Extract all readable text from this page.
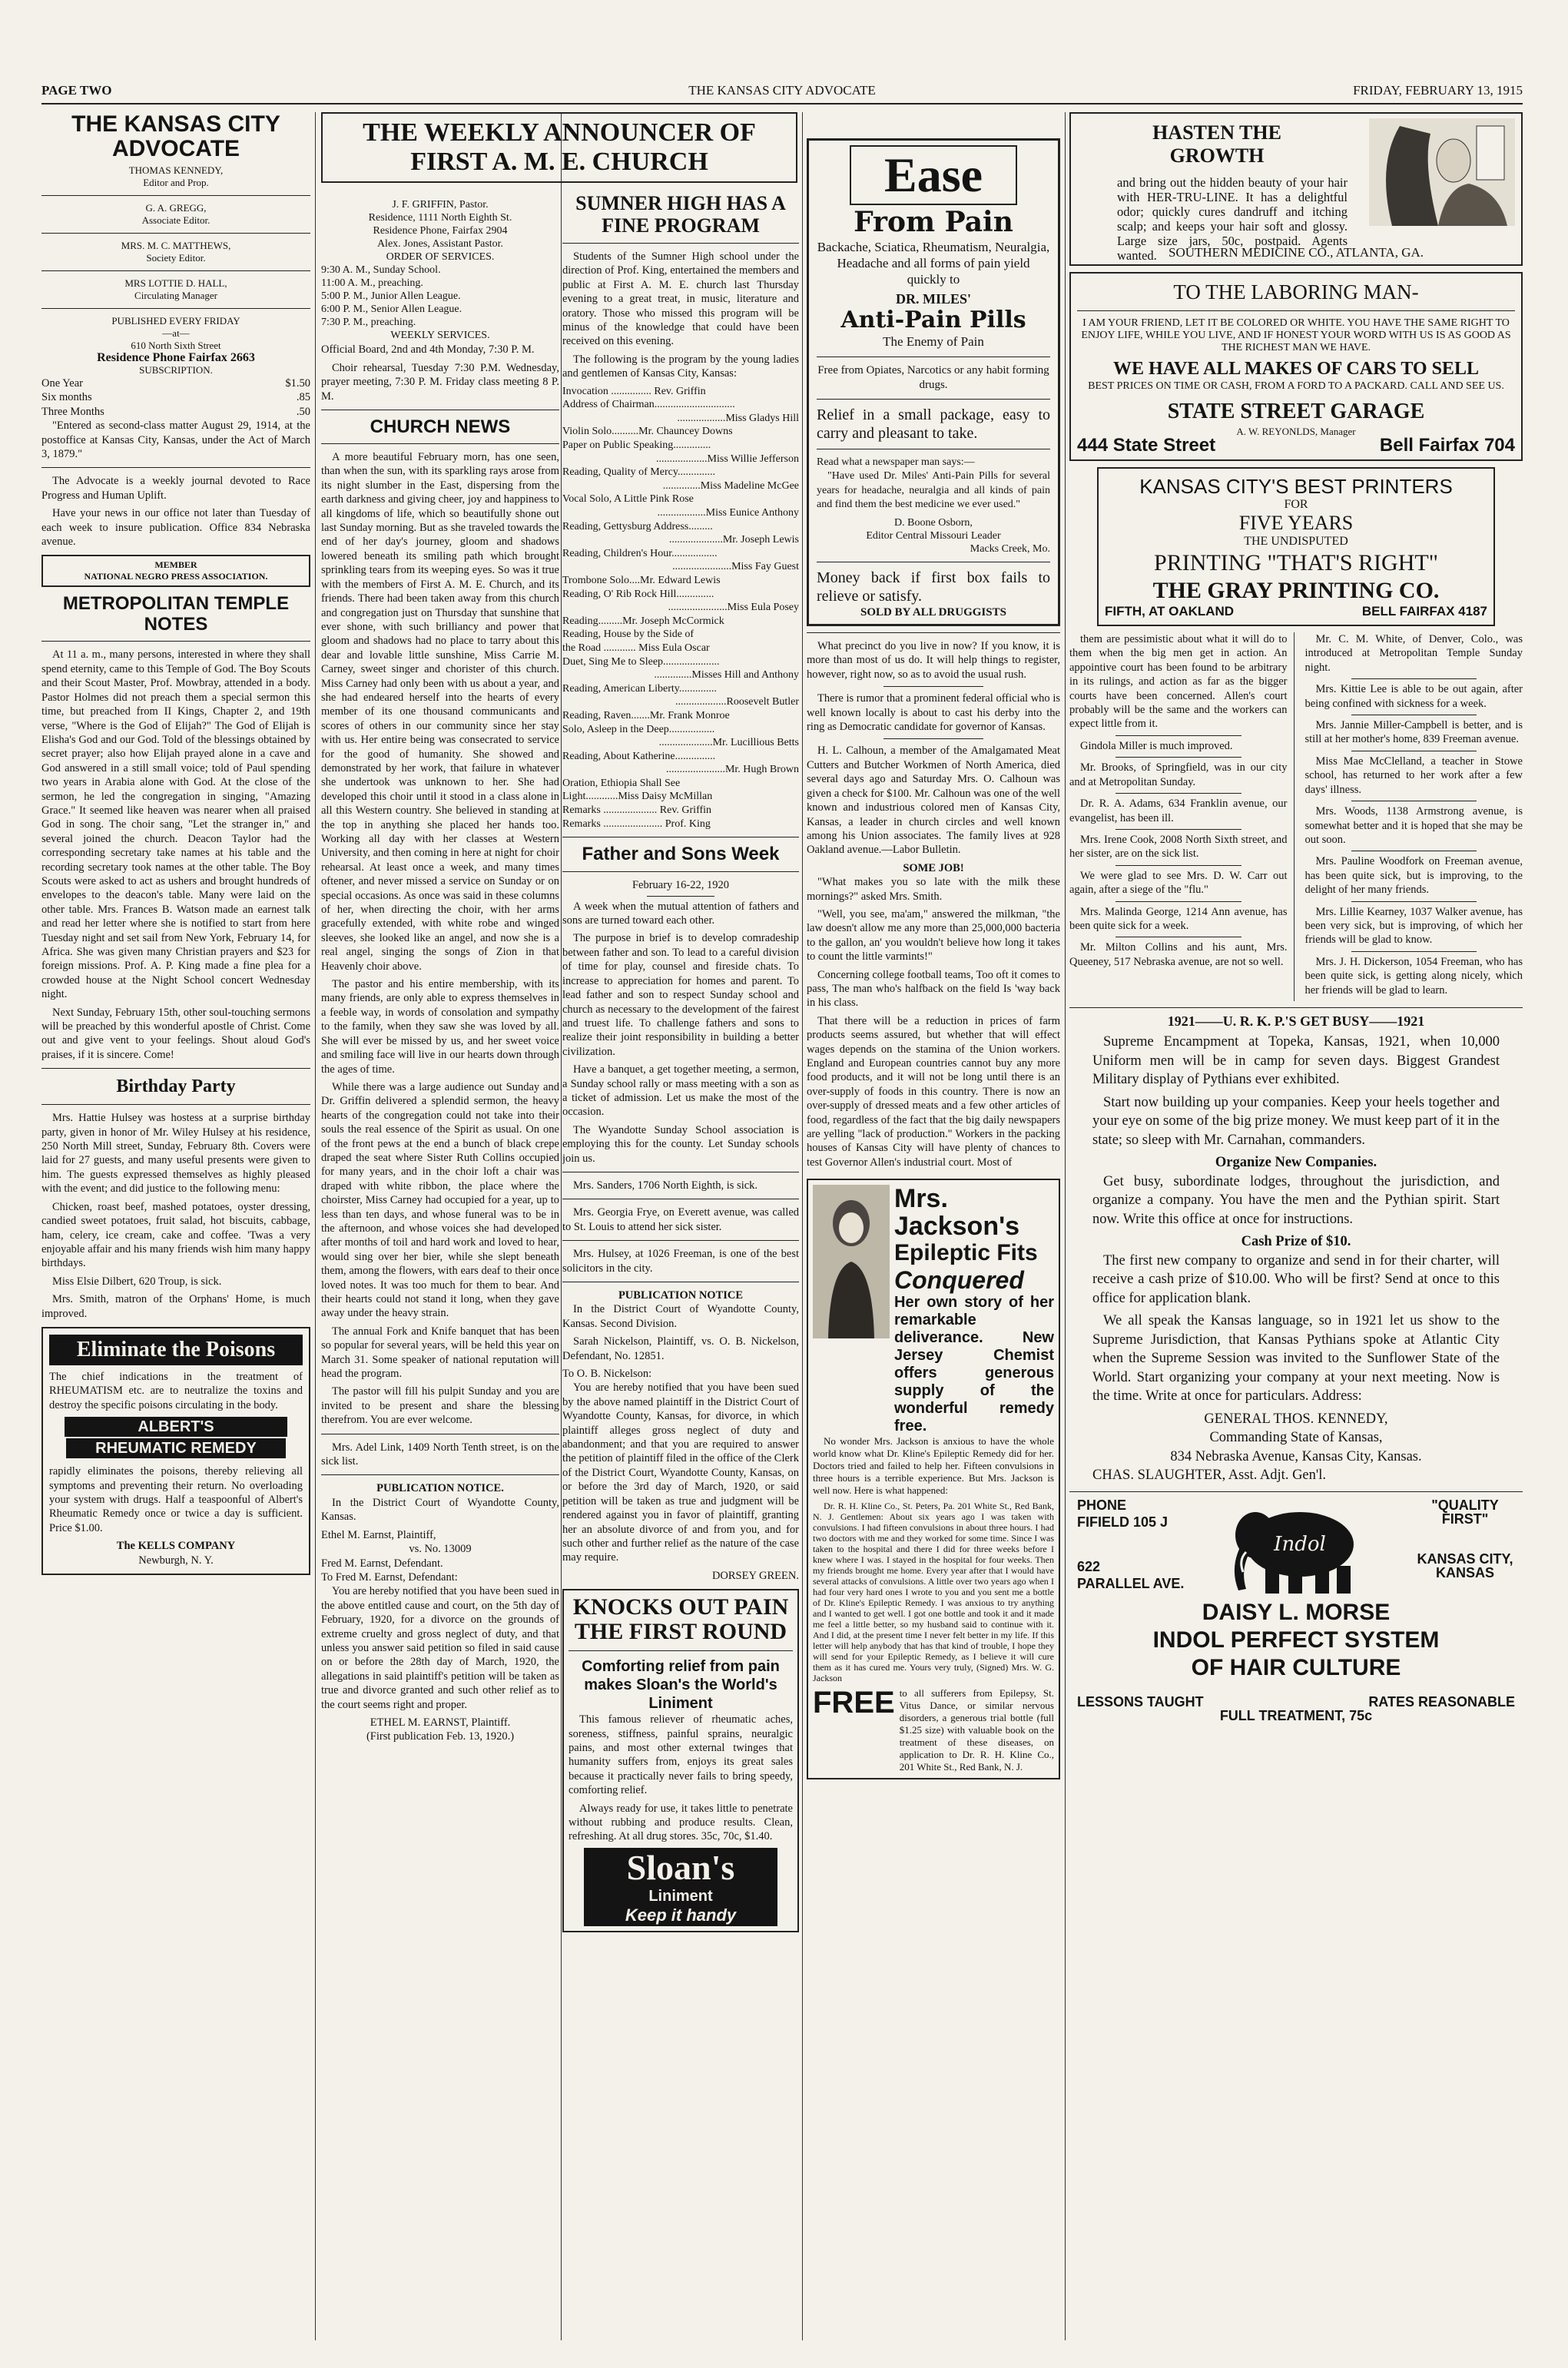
PAGE TWO	THE KANSAS CITY ADVOCATE	FRIDAY, FEBRUARY 13, 1915
THE KANSAS CITY ADVOCATE
THOMAS KENNEDY,
Editor and Prop.
G. A. GREGG,
Associate Editor.
MRS. M. C. MATTHEWS,
Society Editor.
MRS LOTTIE D. HALL,
Circulating Manager
PUBLISHED EVERY FRIDAY
—at—
610 North Sixth Street
Residence Phone Fairfax 2663
SUBSCRIPTION.
One Year	$1.50
Six months	.85
Three Months	.50

"Entered as second-class matter August 29, 1914, at the postoffice at Kansas City, Kansas, under the Act of March 3, 1879."

The Advocate is a weekly journal devoted to Race Progress and Human Uplift.

Have your news in our office not later than Tuesday of each week to insure publication. Office 834 Nebraska avenue.

MEMBER
NATIONAL NEGRO PRESS ASSOCIATION.
METROPOLITAN TEMPLE NOTES

At 11 a. m., many persons, interested in where they shall spend eternity, came to this Temple of God. The Boy Scouts and their Scout Master, Prof. Mowbray, attended in a body. Pastor Holmes did not preach them a special sermon this time, but preached from II Kings, Chapter 2, and 19th verse, "Where is the God of Elijah?" The God of Elijah is Elisha's God and our God. Told of the blessings obtained by secret prayer; also how Elijah prayed alone in a cave and God answered in a still small voice; told of Paul spending two years in Arabia alone with God. At the close of the sermon, he led the congregation in singing, "Amazing Grace." It seemed like heaven was nearer when all praised God in song. The choir sang, "Let the stranger in," and several joined the church. Deacon Taylor had the corresponding secretary take names at his table and the recording secretary took names at the other table. The Boy Scouts were asked to act as ushers and brought hundreds of envelopes to the deacon's table. Many were laid on the other table. Mrs. Frances B. Watson made an earnest talk and read her letter where she is notified to start from here Tuesday night and set sail from New York, February 14, for Africa. She was given many Christian prayers and $23 for foreign missions. Prof. A. P. King made a fine plea for a crowded house at the Night School concert Wednesday night.

Next Sunday, February 15th, other soul-touching sermons will be preached by this wonderful apostle of Christ. Come out and give vent to your feelings. Shout aloud God's praises, if it is sincere. Come!

Birthday Party

Mrs. Hattie Hulsey was hostess at a surprise birthday party, given in honor of Mr. Wiley Hulsey at his residence, 250 North Mill street, Sunday, February 8th. Covers were laid for 27 guests, and many useful presents were given to him. The guests expressed themselves as highly pleased with the event; and did justice to the following menu:

Chicken, roast beef, mashed potatoes, oyster dressing, candied sweet potatoes, fruit salad, hot biscuits, cabbage, ham, celery, ice cream, cake and coffee. 'Twas a very enjoyable affair and his many friends wish him many happy birthdays.

Miss Elsie Dilbert, 620 Troup, is sick.

Mrs. Smith, matron of the Orphans' Home, is much improved.

Eliminate the Poisons

The chief indications in the treatment of RHEUMATISM etc. are to neutralize the toxins and destroy the specific poisons circulating in the body.

ALBERT'S
RHEUMATIC REMEDY

rapidly eliminates the poisons, thereby relieving all symptoms and preventing their return. No overloading your system with drugs. Half a teaspoonful of Albert's Rheumatic Remedy once or twice a day is sufficient. Price $1.00.

The KELLS COMPANY
Newburgh, N. Y.
THE WEEKLY ANNOUNCER OF FIRST A. M. E. CHURCH
J. F. GRIFFIN, Pastor.
Residence, 1111 North Eighth St.
Residence Phone, Fairfax 2904
Alex. Jones, Assistant Pastor.
ORDER OF SERVICES.
9:30 A. M., Sunday School.
11:00 A. M., preaching.
5:00 P. M., Junior Allen League.
6:00 P. M., Senior Allen League.
7:30 P. M., preaching.
WEEKLY SERVICES.

Official Board, 2nd and 4th Monday, 7:30 P. M.

Choir rehearsal, Tuesday 7:30 P.M. Wednesday, prayer meeting, 7:30 P. M. Friday class meeting 8 P. M.

CHURCH NEWS

A more beautiful February morn, has one seen, than when the sun, with its sparkling rays arose from its night slumber in the East, dispersing from the earth darkness and giving cheer, joy and happiness to all kingdoms of life, which so beautifully shone out last Sunday morning. But as she traveled towards the end of her day's journey, gloom and shadows lowered beneath its smiling path which brought sprinkling tears from its weeping eyes. So was it true with the members of First A. M. E. Church, and its friends. There had been taken away from this church and congregation just on Thursday that sunshine that ever shone, with such brilliancy and power that gloom and shadows had no place to tarry about this dear and lovable little sunshine, Miss Carrie M. Carney, sweet singer and chorister of this church. Miss Carney had only been with us about a year, and she had endeared herself into the hearts of every member of its one thousand communicants and scores of others in our community since her stay with us. Her entire being was consecrated to service for the good of humanity. She showed and demonstrated by her work, that failure in whatever she undertook was unknown to her. She had developed this choir until it stood in a class alone in all this Western country. She believed in standing at the top in anything she placed her hands too. Working all day with her classes at Western University, and then coming in here at night for choir rehearsal. At least once a week, and many times oftener, and never missed a service on Sunday or on special occasions. As once was said in these columns of her, when directing the choir, with her arms gracefully extended, with white robe and winged sleeves, she looked like an angel, and now she is a real angel, singing the songs of Zion in that Heavenly choir above.

The pastor and his entire membership, with its many friends, are only able to express themselves in a feeble way, in words of consolation and sympathy to the family, when they saw she was loved by all. She will ever be missed by us, and her sweet voice and smiling face will live in our hearts down through the ages of time.

While there was a large audience out Sunday and Dr. Griffin delivered a splendid sermon, the heavy hearts of the congregation could not take into their souls the real essence of the Spirit as usual. On one of the front pews at the end a bunch of black crepe draped the seat where Sister Ruth Collins occupied for many years, and in the choir loft a chair was draped with white ribbon, the place where the choirster, Miss Carney had occupied for a year, up to less than ten days, and whose funeral was to be in the afternoon, and whose voices she had developed after months of toil and hard work and loved to hear, would sing over her bier, while she slept beneath them, among the flowers, with ears deaf to their once loved notes. It was too much for them to bear. And their hearts could not stand it long, when they gave away under the heavy strain.

The annual Fork and Knife banquet that has been so popular for several years, will be held this year on March 31. Some speaker of national reputation will head the program.

The pastor will fill his pulpit Sunday and you are invited to be present and share the blessing therefrom. You are ever welcome.

Mrs. Adel Link, 1409 North Tenth street, is on the sick list.

PUBLICATION NOTICE.

In the District Court of Wyandotte County, Kansas.

Ethel M. Earnst, Plaintiff,
vs. No. 13009
Fred M. Earnst, Defendant.
To Fred M. Earnst, Defendant:

You are hereby notified that you have been sued in the above entitled cause and court, on the 5th day of February, 1920, for a divorce on the grounds of extreme cruelty and gross neglect of duty, and that unless you answer said petition so filed in said cause on or before the 28th day of March, 1920, the allegations in said plaintiff's petition will be taken as true and divorce granted and such other relief as to the court seems right and proper.

ETHEL M. EARNST, Plaintiff.
(First publication Feb. 13, 1920.)
SUMNER HIGH HAS A FINE PROGRAM

Students of the Sumner High school under the direction of Prof. King, entertained the members and public at First A. M. E. church last Thursday evening to a great treat, in music, literature and oratory. Those who missed this program will be minus of the knowledge that could have been received on this evening.

The following is the program by the young ladies and gentlemen of Kansas City, Kansas:

Invocation ............... Rev. Griffin
Address of Chairman..............................
..................Miss Gladys Hill
Violin Solo..........Mr. Chauncey Downs
Paper on Public Speaking..............
...................Miss Willie Jefferson
Reading, Quality of Mercy..............
..............Miss Madeline McGee
Vocal Solo, A Little Pink Rose
..................Miss Eunice Anthony
Reading, Gettysburg Address.........
....................Mr. Joseph Lewis
Reading, Children's Hour.................
......................Miss Fay Guest
Trombone Solo....Mr. Edward Lewis
Reading, O' Rib Rock Hill..............
......................Miss Eula Posey
Reading.........Mr. Joseph McCormick
Reading, House by the Side of
the Road ............ Miss Eula Oscar
Duet, Sing Me to Sleep.....................
..............Misses Hill and Anthony
Reading, American Liberty..............
...................Roosevelt Butler
Reading, Raven.......Mr. Frank Monroe
Solo, Asleep in the Deep.................
....................Mr. Lucillious Betts
Reading, About Katherine...............
......................Mr. Hugh Brown
Oration, Ethiopia Shall See
Light............Miss Daisy McMillan
Remarks .................... Rev. Griffin
Remarks ...................... Prof. King
Father and Sons Week
February 16-22, 1920

A week when the mutual attention of fathers and sons are turned toward each other.

The purpose in brief is to develop comradeship between father and son. To lead to a careful division of time for play, counsel and fireside chats. To increase to appreciation for homes and parent. To lead father and son to respect Sunday school and church as necessary to the development of the fairest and truest life. To challenge fathers and sons to realize their joint responsibility in building a better civilization.

Have a banquet, a get together meeting, a sermon, a Sunday school rally or mass meeting with a son as a ticket of admission. Let us make the most of the occasion.

The Wyandotte Sunday School association is employing this for the county. Let Sunday schools join us.

Mrs. Sanders, 1706 North Eighth, is sick.

Mrs. Georgia Frye, on Everett avenue, was called to St. Louis to attend her sick sister.

Mrs. Hulsey, at 1026 Freeman, is one of the best solicitors in the city.

PUBLICATION NOTICE

In the District Court of Wyandotte County, Kansas. Second Division.

Sarah Nickelson, Plaintiff, vs. O. B. Nickelson, Defendant, No. 12851.

To O. B. Nickelson:

You are hereby notified that you have been sued by the above named plaintiff in the District Court of Wyandotte County, Kansas, for divorce, in which plaintiff alleges gross neglect of duty and abandonment; and that you are required to answer the petition of plaintiff filed in the office of the Clerk of the District Court, Wyandotte County, Kansas, on or before the 3rd day of March, 1920, or said petition will be taken as true and judgment will be rendered against you in favor of plaintiff, granting her an absolute divorce of and from you, and for such other and further relief as the nature of the case may require.

DORSEY GREEN.
KNOCKS OUT PAIN THE FIRST ROUND
Comforting relief from pain makes Sloan's the World's Liniment

This famous reliever of rheumatic aches, soreness, stiffness, painful sprains, neuralgic pains, and most other external twinges that humanity suffers from, enjoys its great sales because it practically never fails to bring speedy, comforting relief.

Always ready for use, it takes little to penetrate without rubbing and produce results. Clean, refreshing. At all drug stores. 35c, 70c, $1.40.

Sloan's
Liniment
Keep it handy
Ease
From Pain
Backache, Sciatica, Rheumatism, Neuralgia, Headache and all forms of pain yield quickly to
DR. MILES'
Anti-Pain Pills
The Enemy of Pain
Free from Opiates, Narcotics or any habit forming drugs.
Relief in a small package, easy to carry and pleasant to take.
Read what a newspaper man says:—

"Have used Dr. Miles' Anti-Pain Pills for several years for headache, neuralgia and all kinds of pain and find them the best medicine we ever used."

D. Boone Osborn,
Editor Central Missouri Leader
Macks Creek, Mo.
Money back if first box fails to relieve or satisfy.
SOLD BY ALL DRUGGISTS

What precinct do you live in now? If you know, it is more than most of us do. It will help things to register, however, right now, so as to avoid the usual rush.

There is rumor that a prominent federal official who is well known locally is about to cast his derby into the ring as Democratic candidate for governor of Kansas.

H. L. Calhoun, a member of the Amalgamated Meat Cutters and Butcher Workmen of North America, died several days ago and Saturday Mrs. O. Calhoun was given a check for $100. Mr. Calhoun was one of the well known and industrious colored men of Kansas City, Kansas, a leader in church circles and well known among his Union associates. The family lives at 928 Oakland avenue.—Labor Bulletin.

SOME JOB!

"What makes you so late with the milk these mornings?" asked Mrs. Smith.

"Well, you see, ma'am," answered the milkman, "the law doesn't allow me any more than 25,000,000 bacteria to the gallon, an' you wouldn't believe how long it takes to count the little varmints!"

Concerning college football teams, Too oft it comes to pass, The man who's halfback on the field Is 'way back in his class.

That there will be a reduction in prices of farm products seems assured, but whether that will effect wages depends on the stamina of the Union workers. England and European countries cannot buy any more food products, and it will not be long until there is an over-supply of foods in this country. There is now an over-supply of dressed meats and a few other articles of food, regardless of the fact that the big daily newspapers are yelling "lack of production." Workers in the packing houses of Kansas City will have plenty of chances to test Governor Allen's industrial court. Most of

Mrs. Jackson's
Epileptic Fits
Conquered
Her own story of her remarkable deliverance. New Jersey Chemist offers generous supply of the wonderful remedy free.

No wonder Mrs. Jackson is anxious to have the whole world know what Dr. Kline's Epileptic Remedy did for her. Doctors tried and failed to help her. Fifteen convulsions in three hours is a terrible experience. But Mrs. Jackson is well now. Here is what happened:

Dr. R. H. Kline Co., St. Peters, Pa. 201 White St., Red Bank, N. J. Gentlemen: About six years ago I was taken with convulsions. I had fifteen convulsions in about three hours. I had two doctors with me and they worked for some time. Since I was taken to the hospital and there I did for three weeks before I knew where I was. I stayed in the hospital for four weeks. Then my friends brought me home. Every year after that I would have several attacks of convulsions. A little over two years ago when I had four very hard ones I wrote to you and you sent me a bottle of Dr. Kline's Epileptic Remedy. I was anxious to try anything and I wanted to get well. I got one bottle and took it and it made me feel a little better, so my husband said to continue with it. And I did, at the present time I never felt better in my life. If this letter will help anybody that has that kind of trouble, I hope they will send for your Epileptic Remedy, as I believe it will cure them as it has cured me. Yours very truly, (Signed) Mrs. W. G. Jackson

FREE to all sufferers from Epilepsy, St. Vitus Dance, or similar nervous disorders, a generous trial bottle (full $1.25 size) with valuable book on the treatment of these diseases, on application to Dr. R. H. Kline Co., 201 White St., Red Bank, N. J.
HASTEN THE GROWTH
and bring out the hidden beauty of your hair with HER-TRU-LINE. It has a delightful odor; quickly cures dandruff and itching scalp; and keeps your hair soft and glossy. Large size jars, 50c, postpaid. Agents wanted. SOUTHERN MEDICINE CO., ATLANTA, GA.
TO THE LABORING MAN-
I AM YOUR FRIEND, LET IT BE COLORED OR WHITE. YOU HAVE THE SAME RIGHT TO ENJOY LIFE, WHILE YOU LIVE, AND IF HONEST YOUR WORD WITH US IS AS GOOD AS THE RICHEST MAN WE HAVE.
WE HAVE ALL MAKES OF CARS TO SELL
BEST PRICES ON TIME OR CASH, FROM A FORD TO A PACKARD. CALL AND SEE US.
STATE STREET GARAGE
A. W. REYONLDS, Manager
444 State Street	Bell Fairfax 704
KANSAS CITY'S BEST PRINTERS
FOR
FIVE YEARS
THE UNDISPUTED
PRINTING "THAT'S RIGHT"
THE GRAY PRINTING CO.
FIFTH, AT OAKLAND	BELL FAIRFAX 4187

them are pessimistic about what it will do to them when the big men get in action. An appointive court has been found to be arbitrary in its rulings, and action as far as the bigger courts have been concerned. Allen's court probably will be the same and the workers can expect little from it.

Gindola Miller is much improved.

Mr. Brooks, of Springfield, was in our city and at Metropolitan Sunday.

Dr. R. A. Adams, 634 Franklin avenue, our evangelist, has been ill.

Mrs. Irene Cook, 2008 North Sixth street, and her sister, are on the sick list.

We were glad to see Mrs. D. W. Carr out again, after a siege of the "flu."

Mrs. Malinda George, 1214 Ann avenue, has been quite sick for a week.

Mr. Milton Collins and his aunt, Mrs. Queeney, 517 Nebraska avenue, are not so well.

Mr. C. M. White, of Denver, Colo., was introduced at Metropolitan Temple Sunday night.

Mrs. Kittie Lee is able to be out again, after being confined with sickness for a week.

Mrs. Jannie Miller-Campbell is better, and is still at her mother's home, 839 Freeman avenue.

Miss Mae McClelland, a teacher in Stowe school, has returned to her work after a few days' illness.

Mrs. Woods, 1138 Armstrong avenue, is somewhat better and it is hoped that she may be out soon.

Mrs. Pauline Woodfork on Freeman avenue, has been quite sick, but is improving, to the delight of her many friends.

Mrs. Lillie Kearney, 1037 Walker avenue, has been very sick, but is improving, of which her friends will be glad to know.

Mrs. J. H. Dickerson, 1054 Freeman, who has been quite sick, is getting along nicely, which her friends will be glad to learn.

1921——U. R. K. P.'S GET BUSY——1921

Supreme Encampment at Topeka, Kansas, 1921, when 10,000 Uniform men will be in camp for seven days. Biggest Grandest Military display of Pythians ever exhibited.

Start now building up your companies. Keep your heels together and your eye on some of the big prize money. We must keep part of it in the state; so sleep with Mr. Carnahan, commanders.

Organize New Companies.

Get busy, subordinate lodges, throughout the jurisdiction, and organize a company. You have the men and the Pythian spirit. Start now. Write this office at once for instructions.

Cash Prize of $10.

The first new company to organize and send in for their charter, will receive a cash prize of $10.00. Who will be first? Send at once to this office for application blank.

We all speak the Kansas language, so in 1921 let us show to the Supreme Jurisdiction, that Kansas Pythians spoke at Atlantic City when the Supreme Session was invited to the Sunflower State of the World. Start organizing your company at your next meeting. Now is the time. Write at once for particulars. Address:

GENERAL THOS. KENNEDY,
Commanding State of Kansas,
834 Nebraska Avenue, Kansas City, Kansas.
CHAS. SLAUGHTER, Asst. Adjt. Gen'l.
PHONE
FIFIELD 105 J
"QUALITY FIRST"
622
PARALLEL AVE.
KANSAS CITY, KANSAS
Indol
DAISY L. MORSE
INDOL PERFECT SYSTEM
OF HAIR CULTURE
LESSONS TAUGHT	RATES REASONABLE
FULL TREATMENT, 75c
